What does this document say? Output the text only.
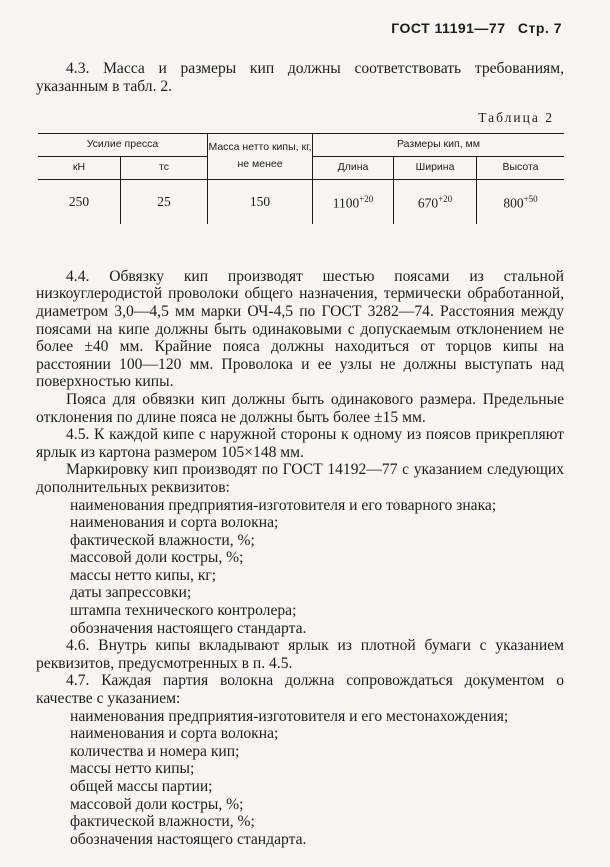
ГОСТ 11191—77 Стр. 7

4.3. Масса и размеры кип должны соответствовать требованиям, указанным в табл. 2.

Таблица 2
Усилие пресса		Масса нетто кипы, кг, не менее	Размеры кип, мм		
кН	тс		Длина	Ширина	Высота
250	25	150	$1100^{+20}$	$670^{+20}$	$800^{+50}$

4.4. Обвязку кип производят шестью поясами из стальной низкоуглеродистой проволоки общего назначения, термически обработанной, диаметром 3,0—4,5 мм марки ОЧ-4,5 по ГОСТ 3282—74. Расстояния между поясами на кипе должны быть одинаковыми с допускаемым отклонением не более ±40 мм. Крайние пояса должны находиться от торцов кипы на расстоянии 100—120 мм. Проволока и ее узлы не должны выступать над поверхностью кипы.

Пояса для обвязки кип должны быть одинакового размера. Предельные отклонения по длине пояса не должны быть более ±15 мм.

4.5. К каждой кипе с наружной стороны к одному из поясов прикрепляют ярлык из картона размером 105×148 мм.

Маркировку кип производят по ГОСТ 14192—77 с указанием следующих дополнительных реквизитов:

наименования предприятия-изготовителя и его товарного знака;

наименования и сорта волокна;

фактической влажности, %;

массовой доли костры, %;

массы нетто кипы, кг;

даты запрессовки;

штампа технического контролера;

обозначения настоящего стандарта.

4.6. Внутрь кипы вкладывают ярлык из плотной бумаги с указанием реквизитов, предусмотренных в п. 4.5.

4.7. Каждая партия волокна должна сопровождаться документом о качестве с указанием:

наименования предприятия-изготовителя и его местонахождения;

наименования и сорта волокна;

количества и номера кип;

массы нетто кипы;

общей массы партии;

массовой доли костры, %;

фактической влажности, %;

обозначения настоящего стандарта.
